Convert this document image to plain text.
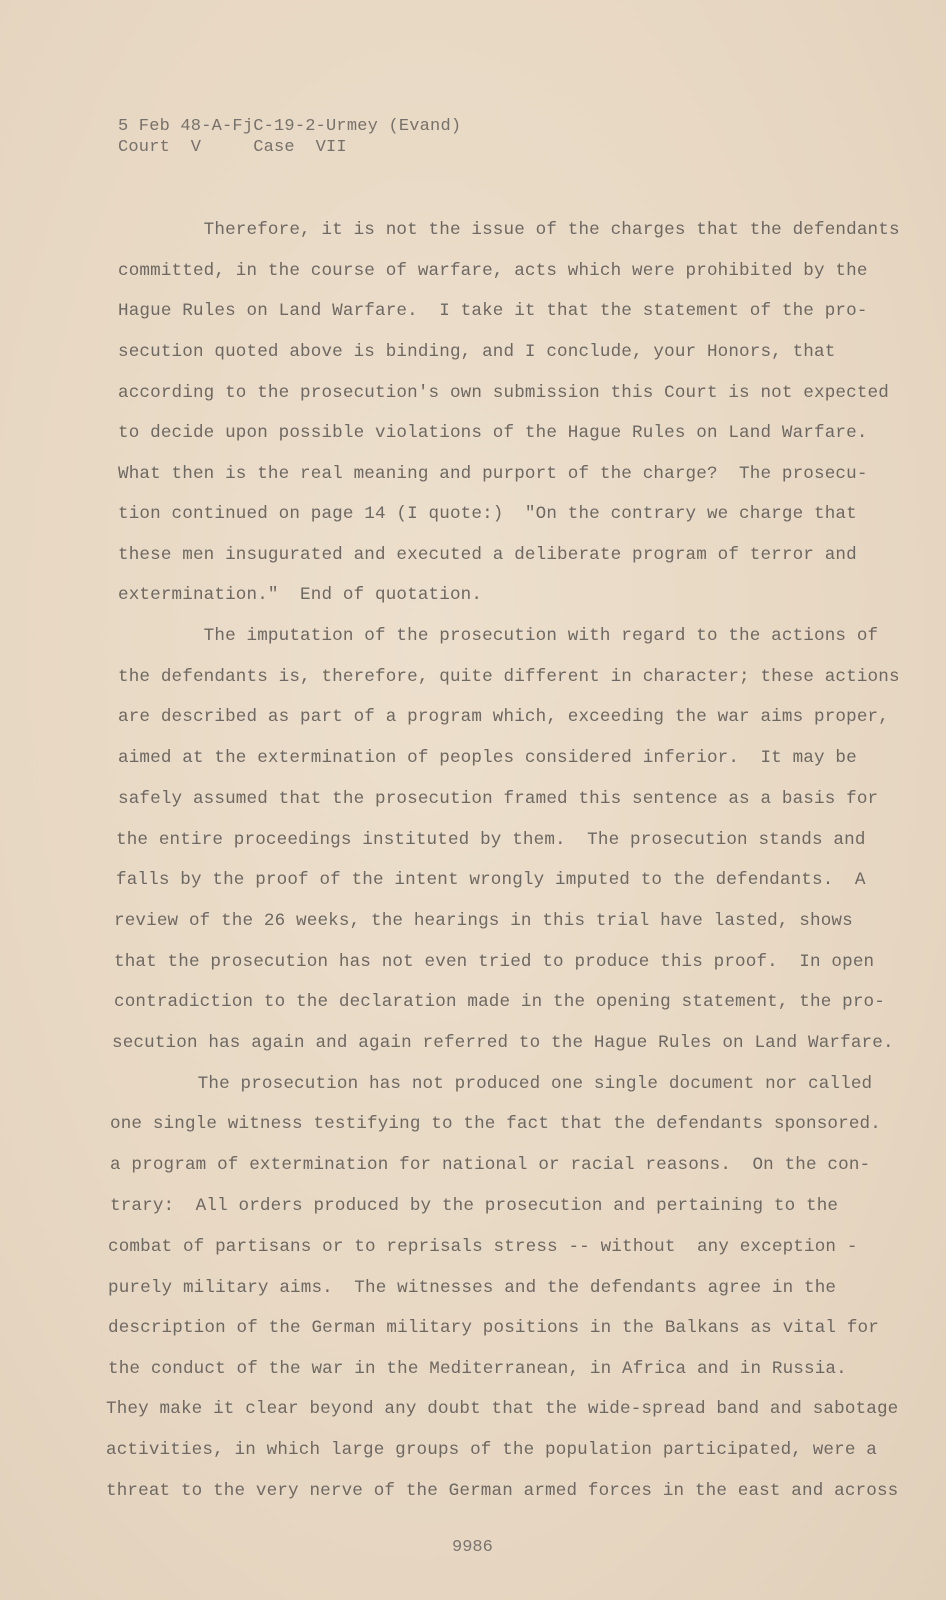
5 Feb 48-A-FjC-19-2-Urmey (Evand)
Court  V     Case  VII
Therefore, it is not the issue of the charges that the defendants
committed, in the course of warfare, acts which were prohibited by the
Hague Rules on Land Warfare.  I take it that the statement of the pro-
secution quoted above is binding, and I conclude, your Honors, that
according to the prosecution's own submission this Court is not expected
to decide upon possible violations of the Hague Rules on Land Warfare.
What then is the real meaning and purport of the charge?  The prosecu-
tion continued on page 14 (I quote:)  "On the contrary we charge that
these men insugurated and executed a deliberate program of terror and
extermination."  End of quotation.
The imputation of the prosecution with regard to the actions of
the defendants is, therefore, quite different in character; these actions
are described as part of a program which, exceeding the war aims proper,
aimed at the extermination of peoples considered inferior.  It may be
safely assumed that the prosecution framed this sentence as a basis for
the entire proceedings instituted by them.  The prosecution stands and
falls by the proof of the intent wrongly imputed to the defendants.  A
review of the 26 weeks, the hearings in this trial have lasted, shows
that the prosecution has not even tried to produce this proof.  In open
contradiction to the declaration made in the opening statement, the pro-
secution has again and again referred to the Hague Rules on Land Warfare.
The prosecution has not produced one single document nor called
one single witness testifying to the fact that the defendants sponsored.
a program of extermination for national or racial reasons.  On the con-
trary:  All orders produced by the prosecution and pertaining to the
combat of partisans or to reprisals stress -- without  any exception -
purely military aims.  The witnesses and the defendants agree in the
description of the German military positions in the Balkans as vital for
the conduct of the war in the Mediterranean, in Africa and in Russia.
They make it clear beyond any doubt that the wide-spread band and sabotage
activities, in which large groups of the population participated, were a
threat to the very nerve of the German armed forces in the east and across
9986
